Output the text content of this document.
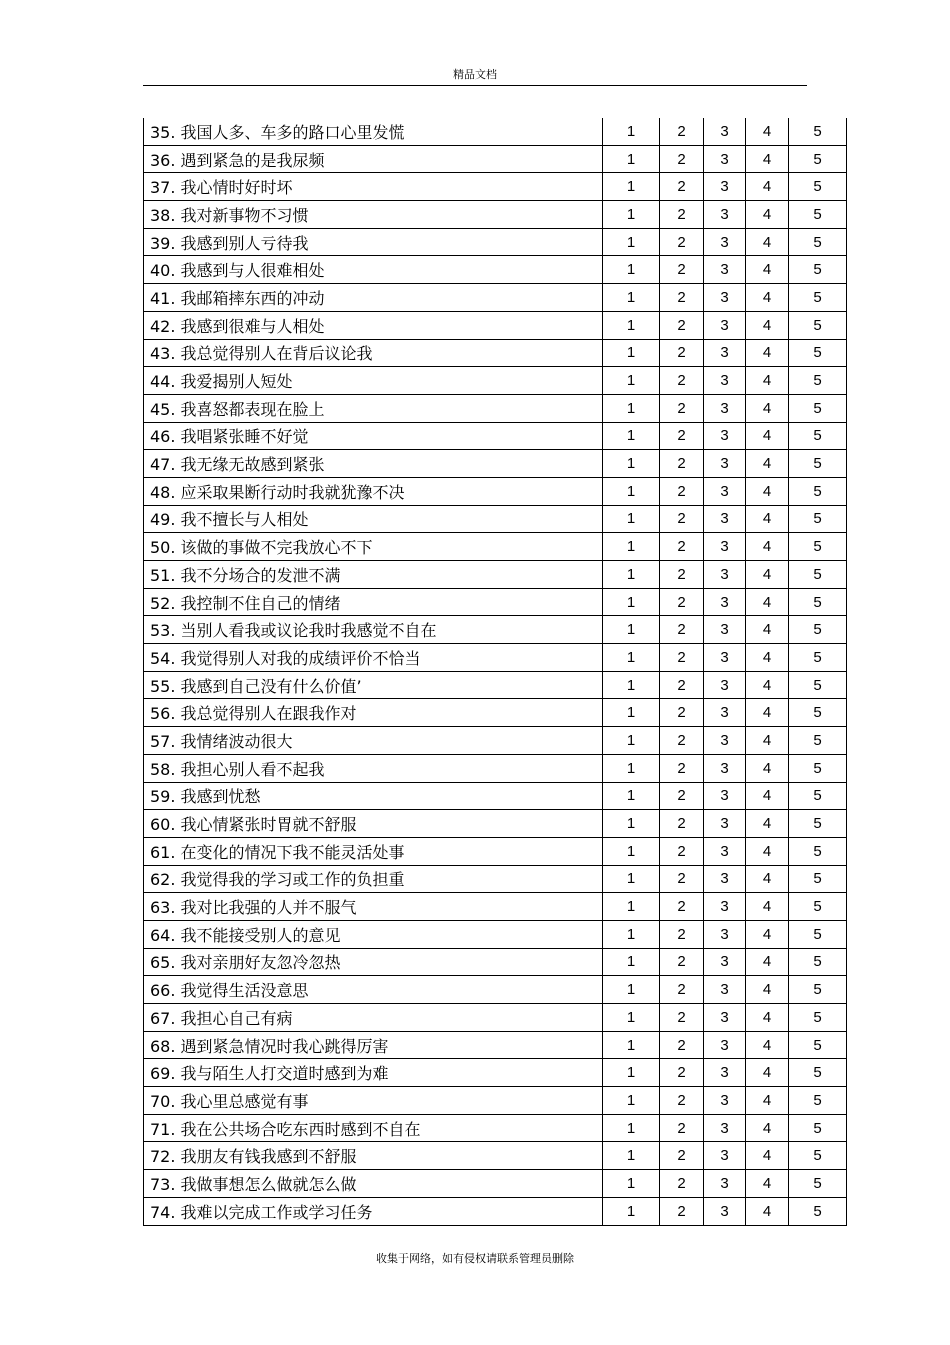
精品文档
35. 我国人多、车多的路口心里发慌	1	2	3	4	5
36. 遇到紧急的是我尿频	1	2	3	4	5
37. 我心情时好时坏	1	2	3	4	5
38. 我对新事物不习惯	1	2	3	4	5
39. 我感到别人亏待我	1	2	3	4	5
40. 我感到与人很难相处	1	2	3	4	5
41. 我邮箱摔东西的冲动	1	2	3	4	5
42. 我感到很难与人相处	1	2	3	4	5
43. 我总觉得别人在背后议论我	1	2	3	4	5
44. 我爱揭别人短处	1	2	3	4	5
45. 我喜怒都表现在脸上	1	2	3	4	5
46. 我唱紧张睡不好觉	1	2	3	4	5
47. 我无缘无故感到紧张	1	2	3	4	5
48. 应采取果断行动时我就犹豫不决	1	2	3	4	5
49. 我不擅长与人相处	1	2	3	4	5
50. 该做的事做不完我放心不下	1	2	3	4	5
51. 我不分场合的发泄不满	1	2	3	4	5
52. 我控制不住自己的情绪	1	2	3	4	5
53. 当别人看我或议论我时我感觉不自在	1	2	3	4	5
54. 我觉得别人对我的成绩评价不恰当	1	2	3	4	5
55. 我感到自己没有什么价值’	1	2	3	4	5
56. 我总觉得别人在跟我作对	1	2	3	4	5
57. 我情绪波动很大	1	2	3	4	5
58. 我担心别人看不起我	1	2	3	4	5
59. 我感到忧愁	1	2	3	4	5
60. 我心情紧张时胃就不舒服	1	2	3	4	5
61. 在变化的情况下我不能灵活处事	1	2	3	4	5
62. 我觉得我的学习或工作的负担重	1	2	3	4	5
63. 我对比我强的人并不服气	1	2	3	4	5
64. 我不能接受别人的意见	1	2	3	4	5
65. 我对亲朋好友忽冷忽热	1	2	3	4	5
66. 我觉得生活没意思	1	2	3	4	5
67. 我担心自己有病	1	2	3	4	5
68. 遇到紧急情况时我心跳得厉害	1	2	3	4	5
69. 我与陌生人打交道时感到为难	1	2	3	4	5
70. 我心里总感觉有事	1	2	3	4	5
71. 我在公共场合吃东西时感到不自在	1	2	3	4	5
72. 我朋友有钱我感到不舒服	1	2	3	4	5
73. 我做事想怎么做就怎么做	1	2	3	4	5
74. 我难以完成工作或学习任务	1	2	3	4	5
收集于网络，如有侵权请联系管理员删除
